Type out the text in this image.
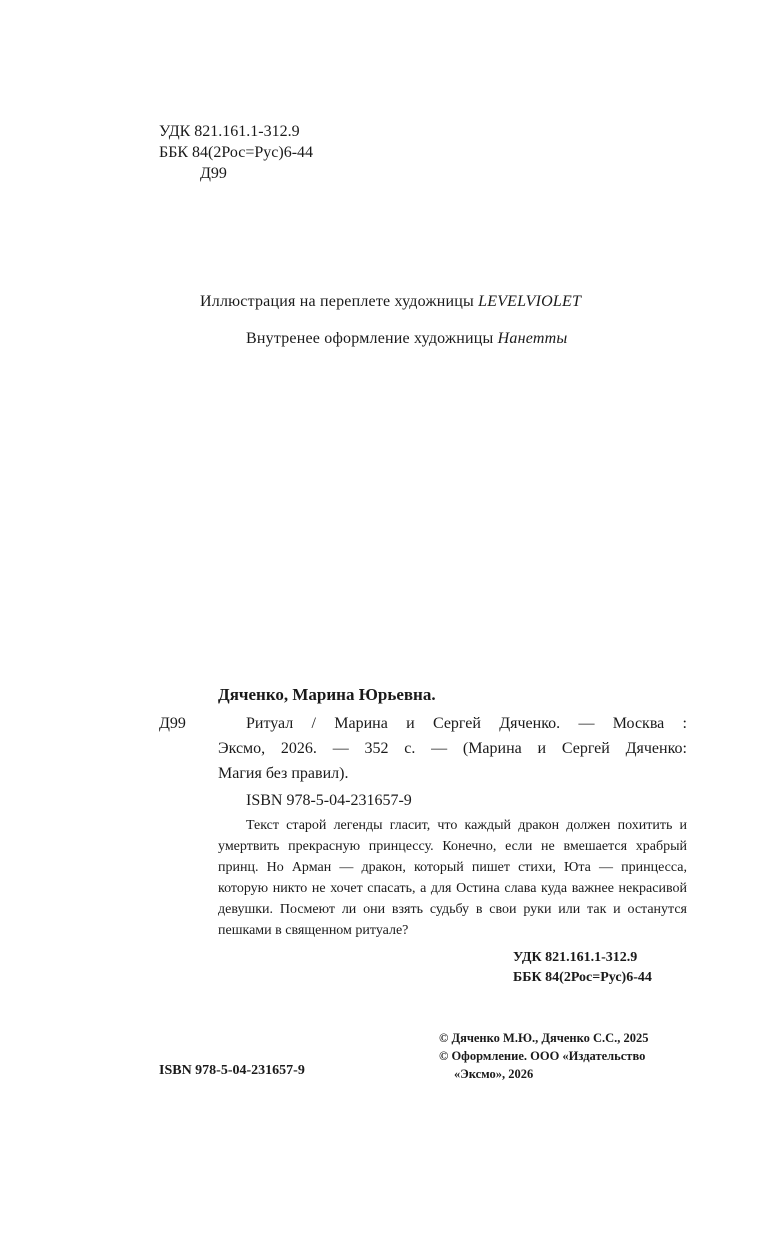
УДК 821.161.1-312.9
ББК 84(2Рос=Рус)6-44
Д99
Иллюстрация на переплете художницы LEVELVIOLET
Внутренее оформление художницы Нанетты
Дяченко, Марина Юрьевна.
Д99	Ритуал / Марина и Сергей Дяченко. — Москва :
Эксмо, 2026. — 352 с. — (Марина и Сергей Дяченко:
Магия без правил).
ISBN 978-5-04-231657-9
Текст старой легенды гласит, что каждый дракон должен похитить и умертвить прекрасную принцессу. Конечно, если не вмешается храбрый принц. Но Арман — дракон, который пишет стихи, Юта — принцесса, которую никто не хочет спасать, а для Остина слава куда важнее некрасивой девушки. Посмеют ли они взять судьбу в свои руки или так и останутся пешками в священном ритуале?
УДК 821.161.1-312.9
ББК 84(2Рос=Рус)6-44
© Дяченко М.Ю., Дяченко С.С., 2025
© Оформление. ООО «Издательство
«Эксмо», 2026
ISBN 978-5-04-231657-9
